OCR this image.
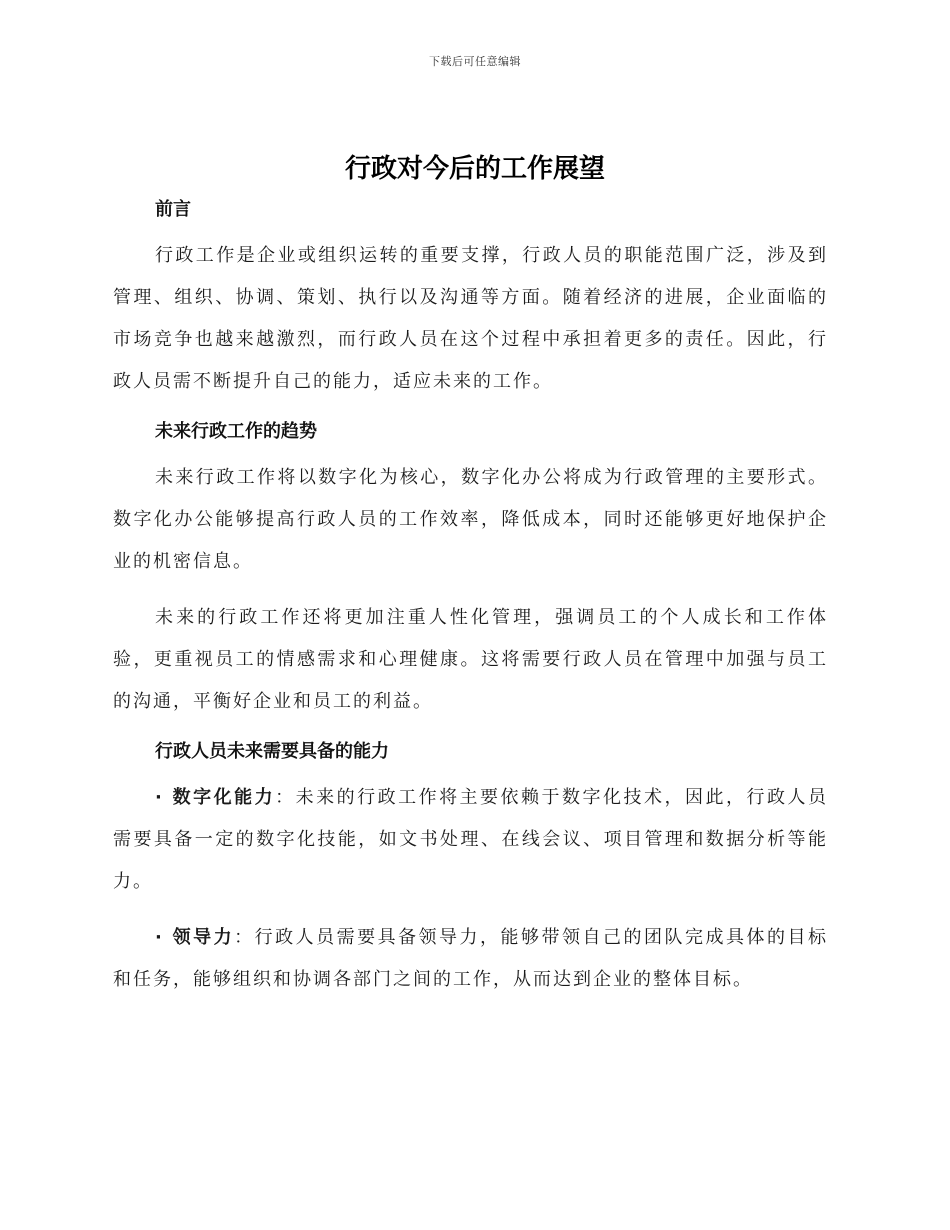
下载后可任意编辑
行政对今后的工作展望
前言

行政工作是企业或组织运转的重要支撑，行政人员的职能范围广泛，涉及到管理、组织、协调、策划、执行以及沟通等方面。随着经济的进展，企业面临的市场竞争也越来越激烈，而行政人员在这个过程中承担着更多的责任。因此，行政人员需不断提升自己的能力，适应未来的工作。

未来行政工作的趋势

未来行政工作将以数字化为核心，数字化办公将成为行政管理的主要形式。数字化办公能够提高行政人员的工作效率，降低成本，同时还能够更好地保护企业的机密信息。

未来的行政工作还将更加注重人性化管理，强调员工的个人成长和工作体验，更重视员工的情感需求和心理健康。这将需要行政人员在管理中加强与员工的沟通，平衡好企业和员工的利益。

行政人员未来需要具备的能力

· 数字化能力：未来的行政工作将主要依赖于数字化技术，因此，行政人员需要具备一定的数字化技能，如文书处理、在线会议、项目管理和数据分析等能力。

· 领导力：行政人员需要具备领导力，能够带领自己的团队完成具体的目标和任务，能够组织和协调各部门之间的工作，从而达到企业的整体目标。
